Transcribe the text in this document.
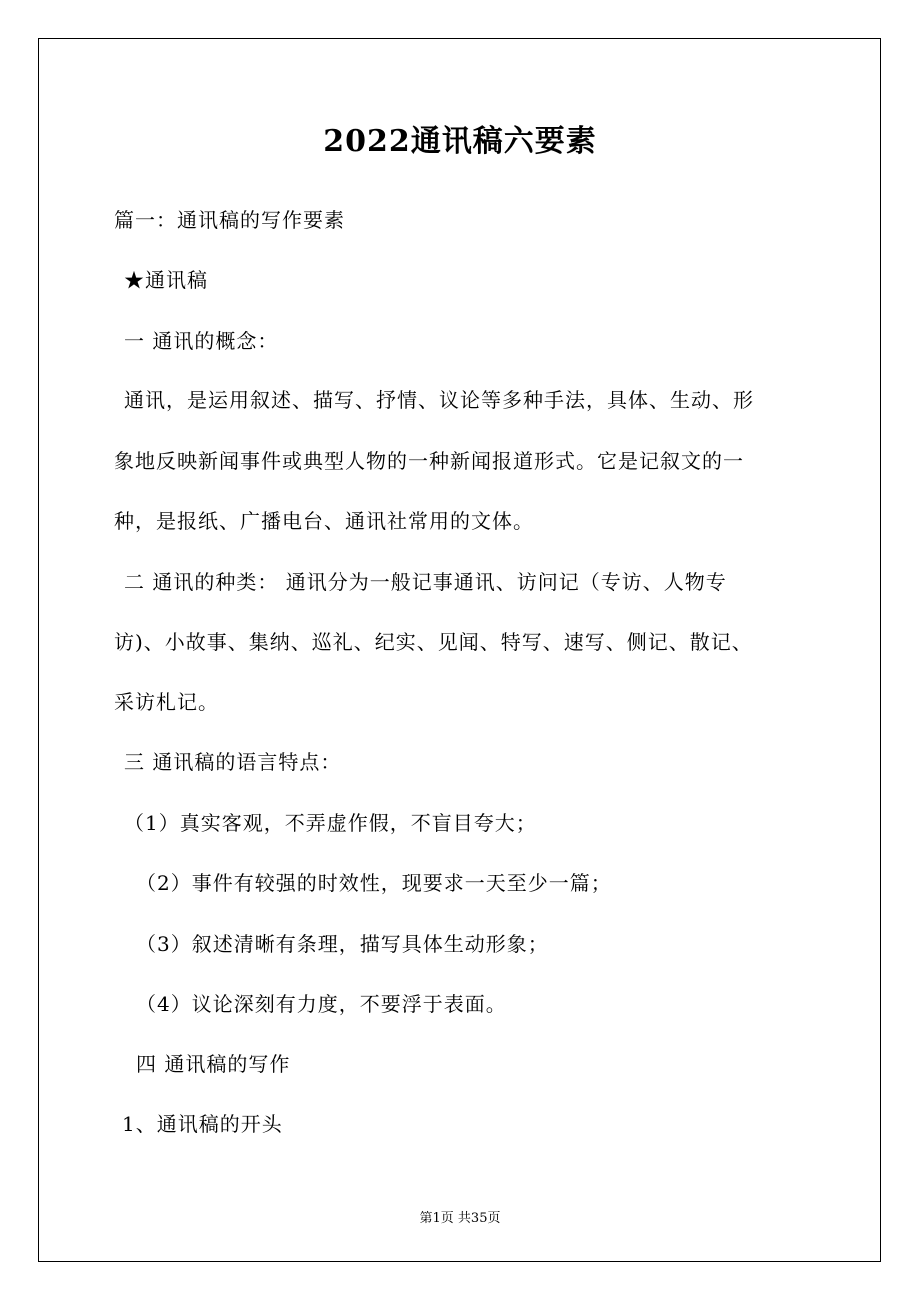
2022通讯稿六要素
篇一：通讯稿的写作要素
★通讯稿
一 通讯的概念：
通讯，是运用叙述、描写、抒情、议论等多种手法，具体、生动、形
象地反映新闻事件或典型人物的一种新闻报道形式。它是记叙文的一
种，是报纸、广播电台、通讯社常用的文体。
二 通讯的种类： 通讯分为一般记事通讯、访问记（专访、人物专
访)、小故事、集纳、巡礼、纪实、见闻、特写、速写、侧记、散记、
采访札记。
三 通讯稿的语言特点：
（1）真实客观，不弄虚作假，不盲目夸大；
（2）事件有较强的时效性，现要求一天至少一篇；
（3）叙述清晰有条理，描写具体生动形象；
（4）议论深刻有力度，不要浮于表面。
四 通讯稿的写作
1、通讯稿的开头
第1页 共35页
